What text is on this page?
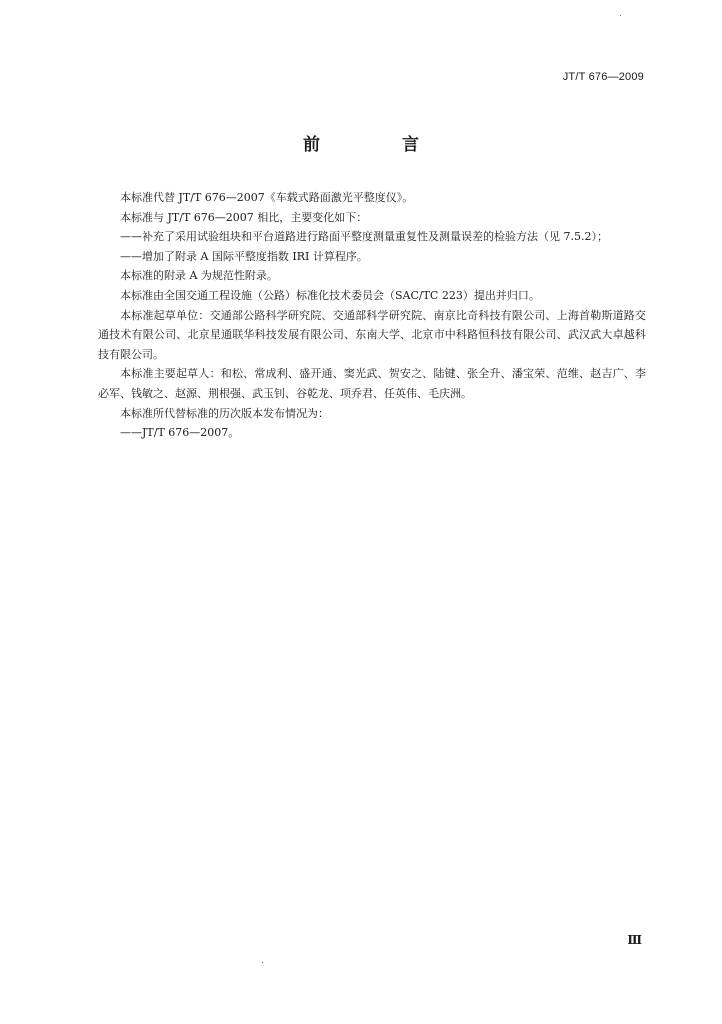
JT/T 676—2009
前 言

本标准代替 JT/T 676—2007《车载式路面激光平整度仪》。

本标准与 JT/T 676—2007 相比，主要变化如下：

——补充了采用试验组块和平台道路进行路面平整度测量重复性及测量误差的检验方法（见 7.5.2）；

——增加了附录 A 国际平整度指数 IRI 计算程序。

本标准的附录 A 为规范性附录。

本标准由全国交通工程设施（公路）标准化技术委员会（SAC/TC 223）提出并归口。

本标准起草单位：交通部公路科学研究院、交通部科学研究院、南京比奇科技有限公司、上海首勒斯道路交通技术有限公司、北京星通联华科技发展有限公司、东南大学、北京市中科路恒科技有限公司、武汉武大卓越科技有限公司。

本标准主要起草人：和松、常成利、盛开通、窦光武、贺安之、陆键、张全升、潘宝荣、范维、赵吉广、李必军、钱敏之、赵源、荆根强、武玉钊、谷乾龙、项乔君、任英伟、毛庆洲。

本标准所代替标准的历次版本发布情况为：

——JT/T 676—2007。

Ⅲ
